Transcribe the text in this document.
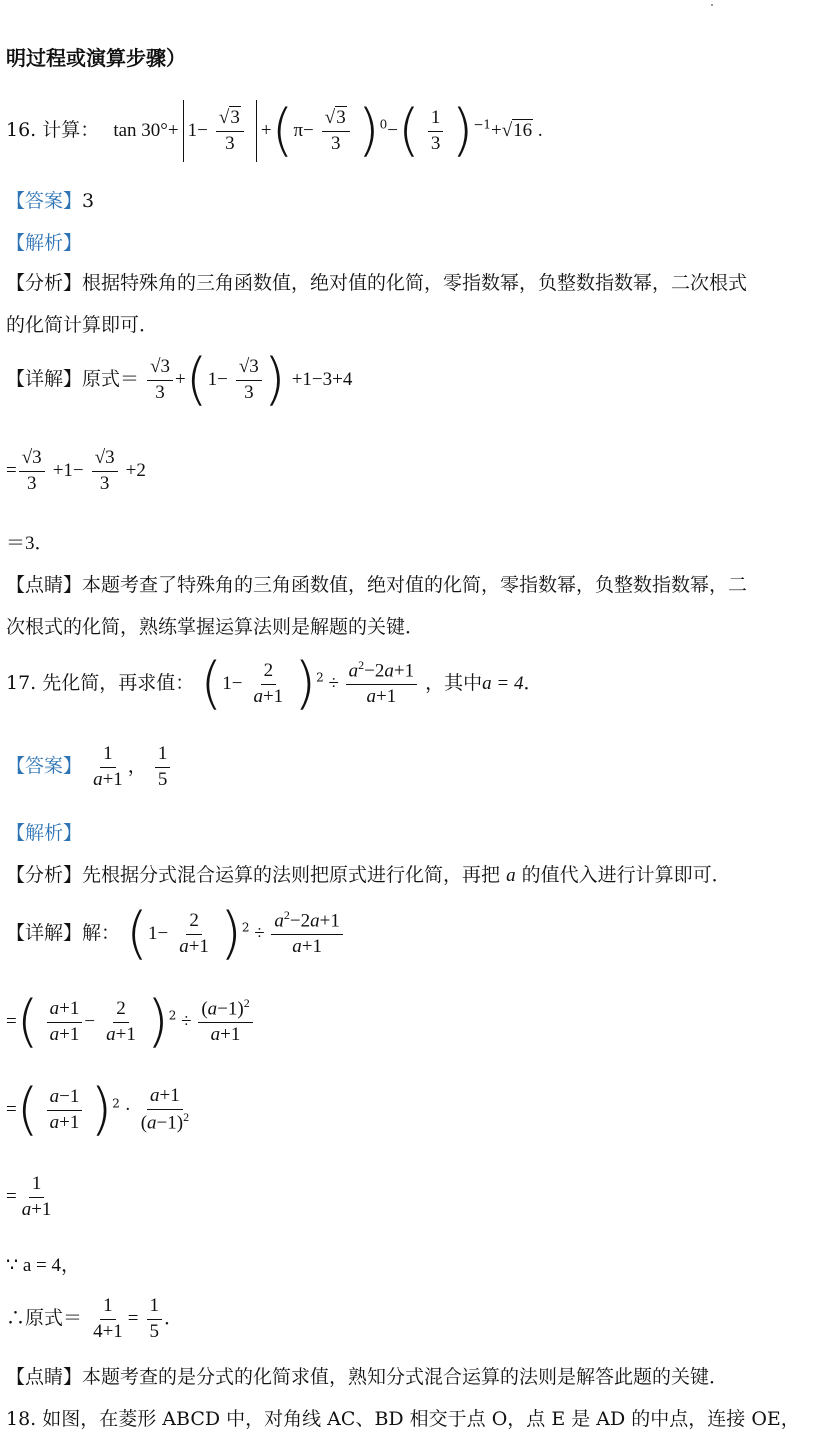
明过程或演算步骤）
16. 计算： $\tan 30^\circ+ 1- \frac{√3}{3} +(\pi- \frac{√3}{3} )^0-( \frac{1}{3} )^{-1}+√16$ .
【答案】3
【解析】
【分析】根据特殊角的三角函数值，绝对值的化简，零指数幂，负整数指数幂，二次根式
的化简计算即可．
【详解】原式＝ $\frac{√3}{3} +(1- \frac{√3}{3}$ ) +1−3+4
= $\frac{√3}{3} +1- \frac{√3}{3} +2$
＝3．
【点睛】本题考查了特殊角的三角函数值，绝对值的化简，零指数幂，负整数指数幂，二
次根式的化简，熟练掌握运算法则是解题的关键．
17. 先化简，再求值： $(1- \frac{2}{a+1} )^2 \div \frac{a^2-2a+1}{a+1}$ ，其中a = 4．
【答案】 $\frac{1}{a+1}$ ， $\frac{1}{5}$
【解析】
【分析】先根据分式混合运算的法则把原式进行化简，再把 a 的值代入进行计算即可．
【详解】解： $(1- \frac{2}{a+1} )^2 \div \frac{a^2-2a+1}{a+1}$
=( $\frac{a+1}{a+1} - \frac{2}{a+1} )^2 \div \frac{(a-1)^2}{a+1}$
=( $\frac{a-1}{a+1} )^2 \cdot \frac{a+1}{(a-1)^2}$
= $\frac{1}{a+1}$
∵ a = 4，
∴原式＝ $\frac{1}{4+1} = \frac{1}{5}$ ．
【点睛】本题考查的是分式的化简求值，熟知分式混合运算的法则是解答此题的关键．
18. 如图，在菱形 ABCD 中，对角线 AC、BD 相交于点 O，点 E 是 AD 的中点，连接 OE，
